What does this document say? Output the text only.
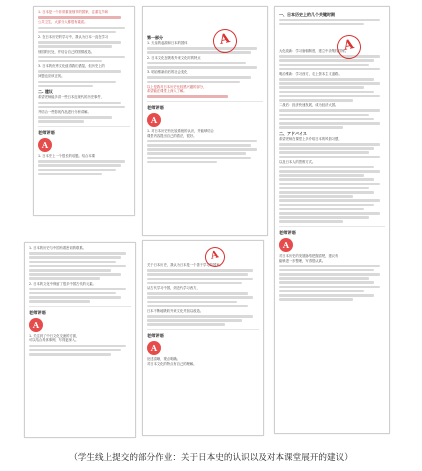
1. 日本是一个非常重视细节的国家，注重礼节和

公共卫生，大部分人都很有素质。

2. 在日本历史的学习中，我认为日本一直在学习

别国的长处，并结合自己的国情改造。

3. 日本的优秀文化值得我们借鉴，但历史上的

问题也应该正视。

二. 建议

希望老师能多讲一些日本近现代的历史事件，

并结合一些影视作品进行分析讲解。

老师评语
A

1. 日本史上一个很长的话题。结合本课

A

第一部分

1. 天皇的起源和日本的国体

2. 日本文化在吸收外来文化时的特点

3. 明治维新前后的社会变化

以上是我对日本历史比较感兴趣的部分，

希望能在课堂上深入了解。

老师评语
A

1. 对日本历史有比较系统的认识，并能够结合

课堂内容提出自己的看法，很好。

A

一、日本历史上的几个关键时期

大化改新：学习唐朝制度，建立中央集权国家。

明治维新：学习西方，走上资本主义道路。

二战后：经济快速发展，成为经济大国。

二、アドバイス

希望老师在课堂上多介绍日本的风俗习惯，

以及日本人的思维方式。

老师评语
A

对日本历史的发展脉络把握清楚，建议有

能够进一步整理，写得很认真。

1. 日本的历史与中国有着密切的联系。

2. 日本的文化中保留了很多中国古代的元素。

老师评语
A

1. 关注到了中日文化交流的方面，

可以结合具体事例，写得更深入。

A

关于日本历史，我认为日本是一个善于学习的国家。

从古代学习中国，到近代学习西方，

日本不断地吸收外来文化并加以改造。

老师评语
A

论述清晰，观点明确。

对日本文化的特点有自己的理解。

（学生线上提交的部分作业：关于日本史的认识以及对本课堂展开的建议）
